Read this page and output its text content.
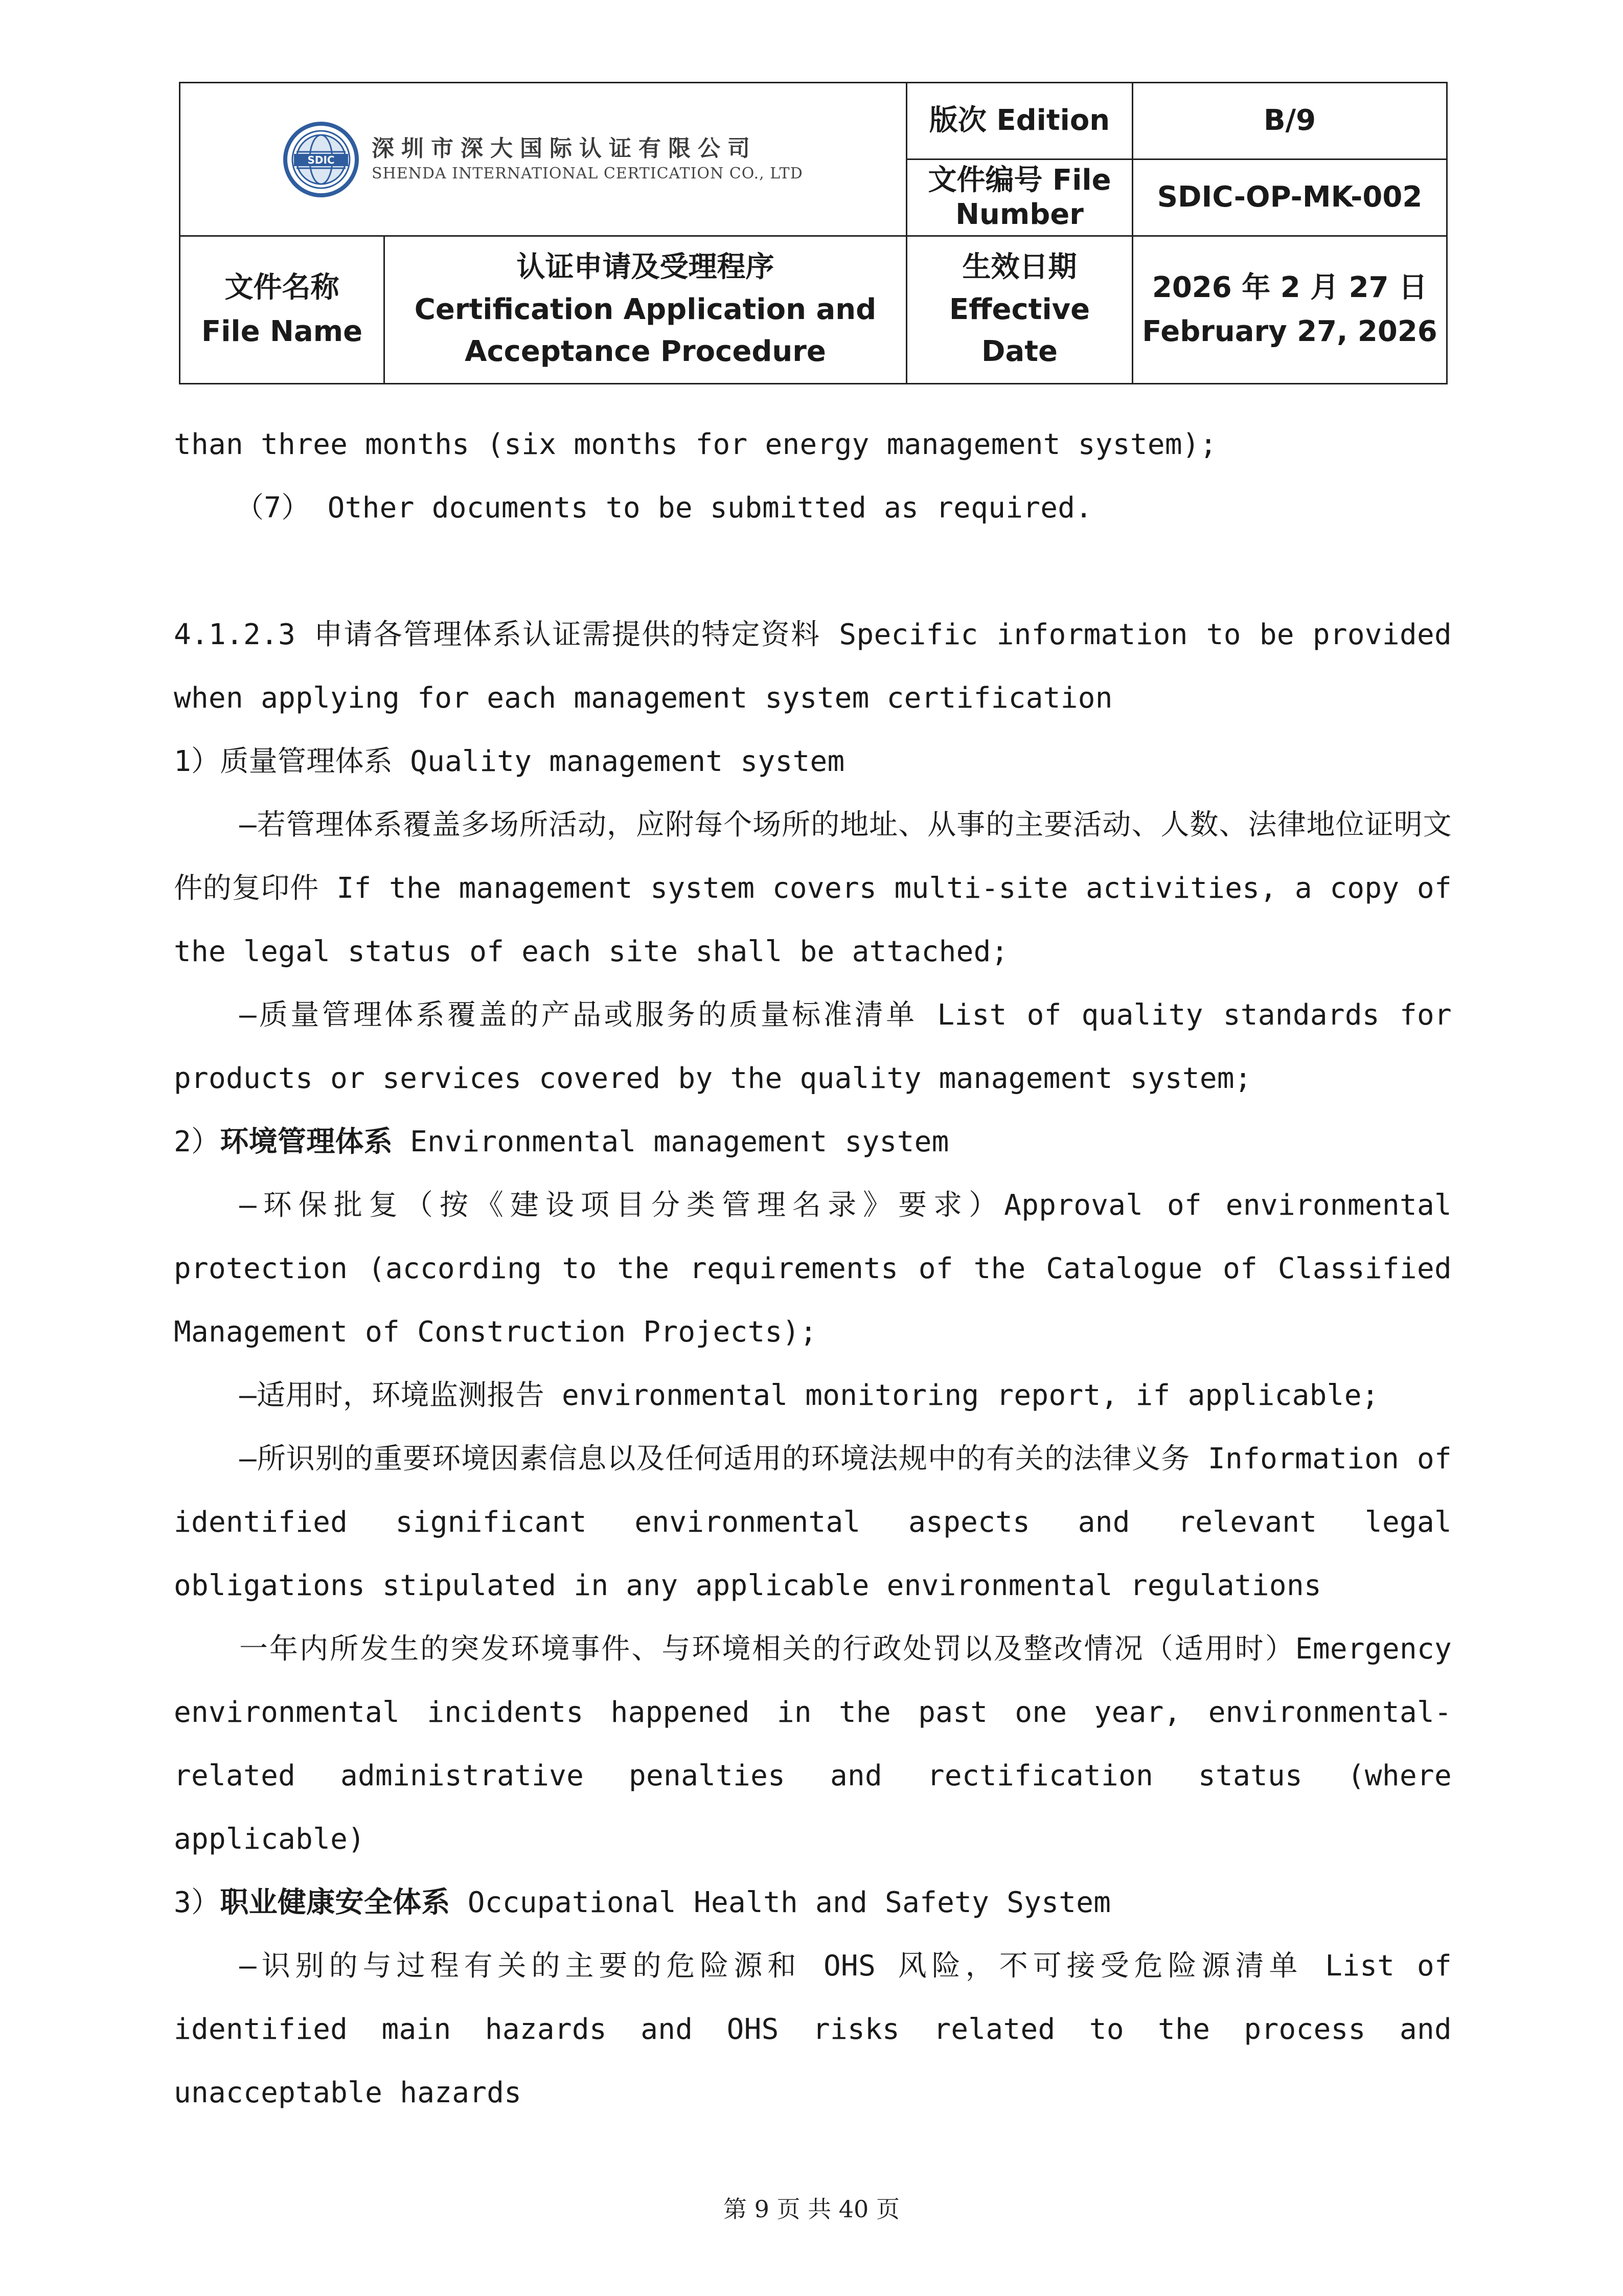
SDIC 深圳市深大国际认证有限公司
SHENDA INTERNATIONAL CERTICATION CO., LTD
版次 Edition	B/9
文件编号 File
Number
SDIC-OP-MK-002
文件名称
File Name
认证申请及受理程序
Certification Application and
Acceptance Procedure
生效日期
Effective
Date
2026 年 2 月 27 日
February 27, 2026

than three months (six months for energy management system);

（7） Other documents to be submitted as required.

4.1.2.3 申请各管理体系认证需提供的特定资料 Specific information to be provided when applying for each management system certification

1）质量管理体系 Quality management system

—若管理体系覆盖多场所活动，应附每个场所的地址、从事的主要活动、人数、法律地位证明文件的复印件 If the management system covers multi-site activities, a copy of the legal status of each site shall be attached;

—质量管理体系覆盖的产品或服务的质量标准清单 List of quality standards for products or services covered by the quality management system;

2）环境管理体系 Environmental management system

—环保批复（按《建设项目分类管理名录》要求）Approval of environmental protection (according to the requirements of the Catalogue of Classified Management of Construction Projects);

—适用时，环境监测报告 environmental monitoring report, if applicable;

—所识别的重要环境因素信息以及任何适用的环境法规中的有关的法律义务 Information of identified significant environmental aspects and relevant legal obligations stipulated in any applicable environmental regulations

一年内所发生的突发环境事件、与环境相关的行政处罚以及整改情况（适用时）Emergency environmental incidents happened in the past one year, environmental- related administrative penalties and rectification status (where applicable)

3）职业健康安全体系 Occupational Health and Safety System

—识别的与过程有关的主要的危险源和 OHS 风险，不可接受危险源清单 List of identified main hazards and OHS risks related to the process and unacceptable hazards

第 9 页 共 40 页
